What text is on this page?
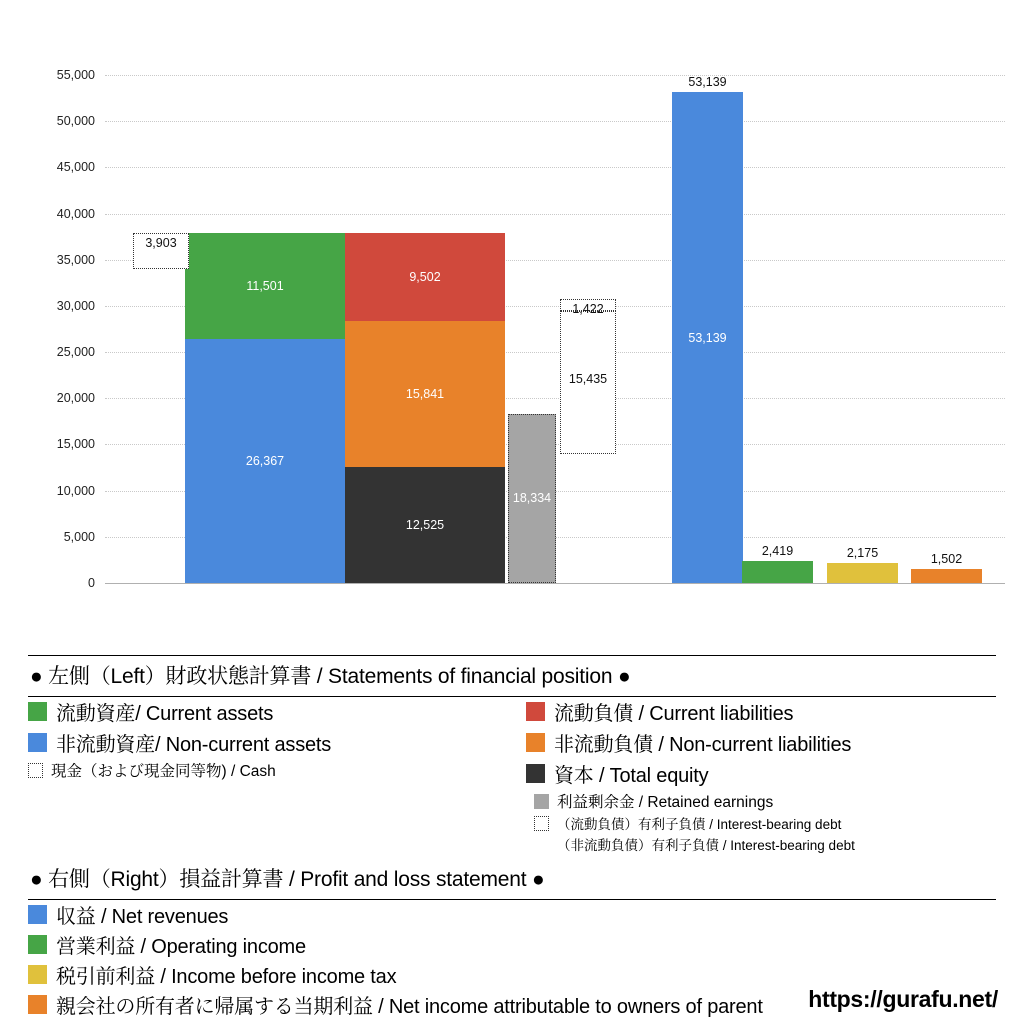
0
5,000
10,000
15,000
20,000
25,000
30,000
35,000
40,000
45,000
50,000
55,000
26,367
11,501
12,525
15,841
9,502
18,334
53,139
53,139
2,419	2,175	1,502
3,903
15,435
1,422
● 左側（Left）財政状態計算書 / Statements of financial position ●
流動資産/ Current assets
非流動資産/ Non-current assets
現金（および現金同等物) / Cash
流動負債 / Current liabilities
非流動負債 / Non-current liabilities
資本 / Total equity
利益剰余金 / Retained earnings
（流動負債）有利子負債 / Interest-bearing debt
（非流動負債）有利子負債 / Interest-bearing debt
● 右側（Right）損益計算書 / Profit and loss statement ●
収益 / Net revenues
営業利益 / Operating income
税引前利益 / Income before income tax
親会社の所有者に帰属する当期利益 / Net income attributable to owners of parent https://gurafu.net/
